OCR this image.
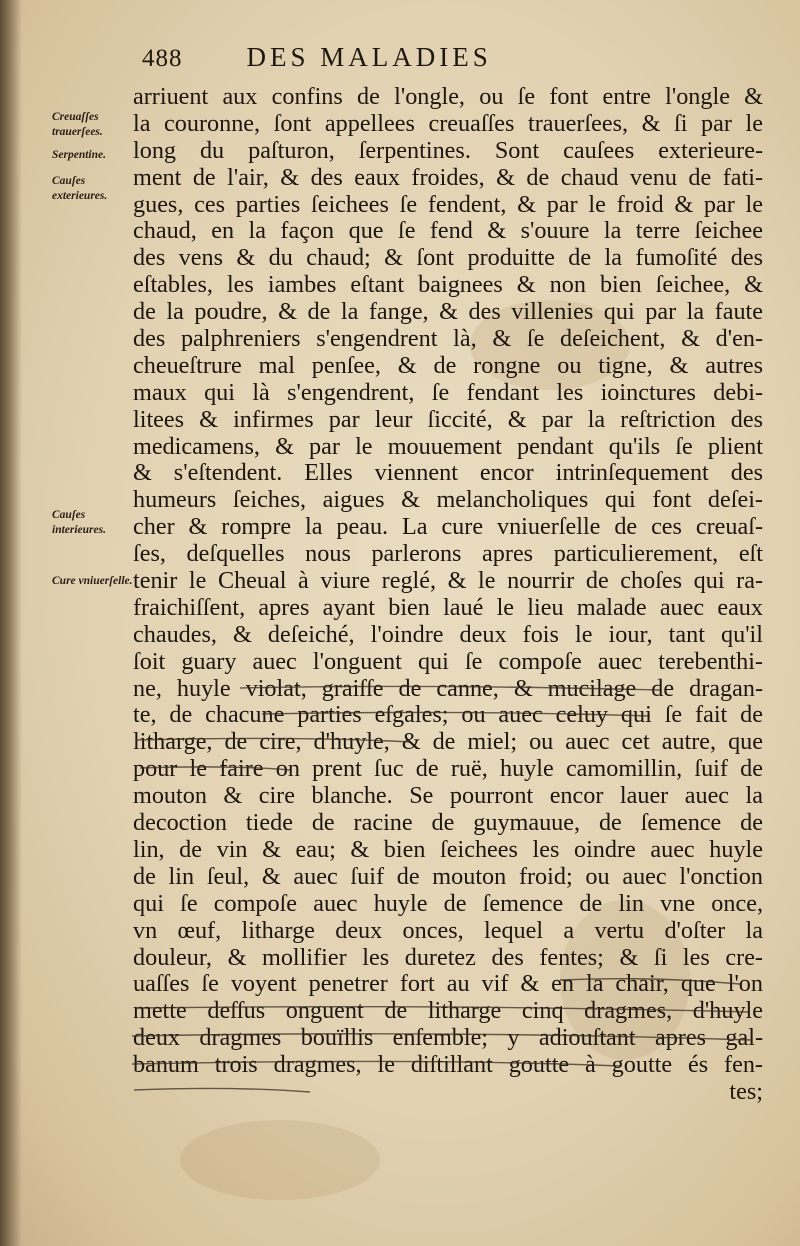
488 DES MALADIES
Creuaſſes trauerſees.
Serpentine.
Cauſes exterieures.
Cauſes interieures.
Cure vniuerſelle.
arriuent aux confins de l'ongle, ou ſe font entre l'ongle &
la couronne, ſont appellees creuaſſes trauerſees, & ſi par le
long du paſturon, ſerpentines. Sont cauſees exterieure-
ment de l'air, & des eaux froides, & de chaud venu de fati-
gues, ces parties ſeichees ſe fendent, & par le froid & par le
chaud, en la façon que ſe fend & s'ouure la terre ſeichee
des vens & du chaud; & ſont produitte de la fumoſité des
eſtables, les iambes eſtant baignees & non bien ſeichee, &
de la poudre, & de la fange, & des villenies qui par la faute
des palphreniers s'engendrent là, & ſe deſeichent, & d'en-
cheueſtrure mal penſee, & de rongne ou tigne, & autres
maux qui là s'engendrent, ſe fendant les ioinctures debi-
litees & infirmes par leur ſiccité, & par la reſtriction des
medicamens, & par le mouuement pendant qu'ils ſe plient
& s'eſtendent. Elles viennent encor intrinſequement des
humeurs ſeiches, aigues & melancholiques qui font deſei-
cher & rompre la peau. La cure vniuerſelle de ces creuaſ-
ſes, deſquelles nous parlerons apres particulierement, eſt
tenir le Cheual à viure reglé, & le nourrir de choſes qui ra-
fraichiſſent, apres ayant bien laué le lieu malade auec eaux
chaudes, & deſeiché, l'oindre deux fois le iour, tant qu'il
ſoit guary auec l'onguent qui ſe compoſe auec terebenthi-
ne, huyle violat, graiſſe de canne, & mucilage de dragan-
te, de chacune parties eſgales; ou auec celuy qui ſe fait de
litharge, de cire, d'huyle, & de miel; ou auec cet autre, que
pour le faire on prent ſuc de ruë, huyle camomillin, ſuif de
mouton & cire blanche. Se pourront encor lauer auec la
decoction tiede de racine de guymauue, de ſemence de
lin, de vin & eau; & bien ſeichees les oindre auec huyle
de lin ſeul, & auec ſuif de mouton froid; ou auec l'onction
qui ſe compoſe auec huyle de ſemence de lin vne once,
vn œuf, litharge deux onces, lequel a vertu d'oſter la
douleur, & mollifier les duretez des fentes; & ſi les cre-
uaſſes ſe voyent penetrer fort au vif & en la chair, que l'on
mette deſſus onguent de litharge cinq dragmes, d'huyle
deux dragmes bouïllis enſemble; y adiouſtant apres gal-
banum trois dragmes, le diſtillant goutte à goutte és fen-
tes;
